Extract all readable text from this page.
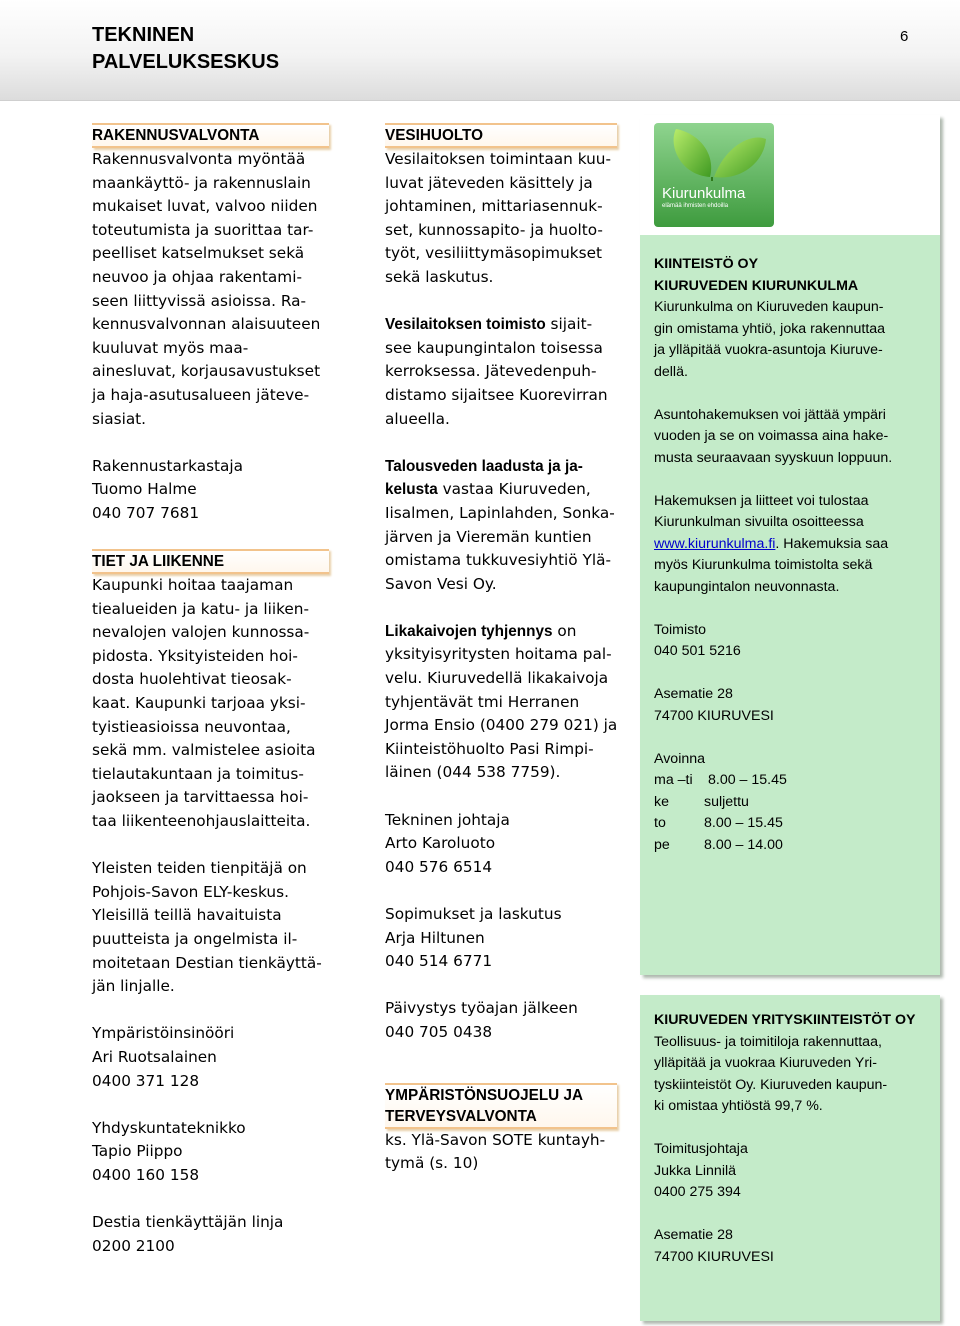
TEKNINEN
PALVELUKSESKUS
6
RAKENNUSVALVONTA
Rakennusvalvonta myöntää
maankäyttö- ja rakennuslain
mukaiset luvat, valvoo niiden
toteutumista ja suorittaa tar-
peelliset katselmukset sekä
neuvoo ja ohjaa rakentami-
seen liittyvissä asioissa. Ra-
kennusvalvonnan alaisuuteen
kuuluvat myös maa-
ainesluvat, korjausavustukset
ja haja-asutusalueen jäteve-
siasiat.
Rakennustarkastaja
Tuomo Halme
040 707 7681
TIET JA LIIKENNE
Kaupunki hoitaa taajaman
tiealueiden ja katu- ja liiken-
nevalojen valojen kunnossa-
pidosta. Yksityisteiden hoi-
dosta huolehtivat tieosak-
kaat. Kaupunki tarjoaa yksi-
tyistieasioissa neuvontaa,
sekä mm. valmistelee asioita
tielautakuntaan ja toimitus-
jaokseen ja tarvittaessa hoi-
taa liikenteenohjauslaitteita.
Yleisten teiden tienpitäjä on
Pohjois-Savon ELY-keskus.
Yleisillä teillä havaituista
puutteista ja ongelmista il-
moitetaan Destian tienkäyttä-
jän linjalle.
Ympäristöinsinööri
Ari Ruotsalainen
0400 371 128
Yhdyskuntateknikko
Tapio Piippo
0400 160 158
Destia tienkäyttäjän linja
0200 2100
VESIHUOLTO
Vesilaitoksen toimintaan kuu-
luvat jäteveden käsittely ja
johtaminen, mittariasennuk-
set, kunnossapito- ja huolto-
työt, vesiliittymäsopimukset
sekä laskutus.
Vesilaitoksen toimisto sijait-
see kaupungintalon toisessa
kerroksessa. Jätevedenpuh-
distamo sijaitsee Kuorevirran
alueella.
Talousveden laadusta ja ja-
kelusta vastaa Kiuruveden,
Iisalmen, Lapinlahden, Sonka-
järven ja Vieremän kuntien
omistama tukkuvesiyhtiö Ylä-
Savon Vesi Oy.
Likakaivojen tyhjennys on
yksityisyritysten hoitama pal-
velu. Kiuruvedellä likakaivoja
tyhjentävät tmi Herranen
Jorma Ensio (0400 279 021) ja
Kiinteistöhuolto Pasi Rimpi-
läinen (044 538 7759).
Tekninen johtaja
Arto Karoluoto
040 576 6514
Sopimukset ja laskutus
Arja Hiltunen
040 514 6771
Päivystys työajan jälkeen
040 705 0438
YMPÄRISTÖNSUOJELU JA
TERVEYSVALVONTA
ks. Ylä-Savon SOTE kuntayh-
tymä (s. 10)
Kiurunkulma
elämää ihmisten ehdoilla
KIINTEISTÖ OY
KIURUVEDEN KIURUNKULMA
Kiurunkulma on Kiuruveden kaupun-
gin omistama yhtiö, joka rakennuttaa
ja ylläpitää vuokra-asuntoja Kiuruve-
dellä.
Asuntohakemuksen voi jättää ympäri
vuoden ja se on voimassa aina hake-
musta seuraavaan syyskuun loppuun.
Hakemuksen ja liitteet voi tulostaa
Kiurunkulman sivuilta osoitteessa
www.kiurunkulma.fi. Hakemuksia saa
myös Kiurunkulma toimistolta sekä
kaupungintalon neuvonnasta.
Toimisto
040 501 5216
Asematie 28
74700 KIURUVESI
Avoinna
ma –ti 8.00 – 15.45
ke suljettu
to	8.00 – 15.45
pe 8.00 – 14.00
KIURUVEDEN YRITYSKIINTEISTÖT OY
Teollisuus- ja toimitiloja rakennuttaa,
ylläpitää ja vuokraa Kiuruveden Yri-
tyskiinteistöt Oy. Kiuruveden kaupun-
ki omistaa yhtiöstä 99,7 %.
Toimitusjohtaja
Jukka Linnilä
0400 275 394
Asematie 28
74700 KIURUVESI
